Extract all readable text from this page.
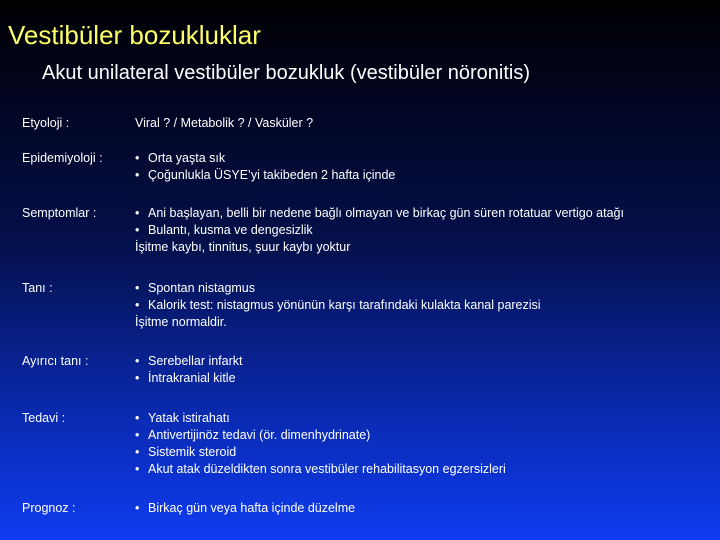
Vestibüler bozukluklar
Akut unilateral vestibüler bozukluk (vestibüler nöronitis)
Etyoloji :	Viral ? / Metabolik ? / Vasküler ?
Epidemiyoloji :	• Orta yaşta sık
• Çoğunlukla ÜSYE’yi takibeden 2 hafta içinde
Semptomlar :	• Ani başlayan, belli bir nedene bağlı olmayan ve birkaç gün süren rotatuar vertigo atağı
• Bulantı, kusma ve dengesizlik
İşitme kaybı, tinnitus, şuur kaybı yoktur
Tanı :	• Spontan nistagmus
• Kalorik test: nistagmus yönünün karşı tarafındaki kulakta kanal parezisi
İşitme normaldir.
Ayırıcı tanı :	• Serebellar infarkt
• İntrakranial kitle
Tedavi :	• Yatak istirahatı
• Antivertijinöz tedavi (ör. dimenhydrinate)
• Sistemik steroid
• Akut atak düzeldikten sonra vestibüler rehabilitasyon egzersizleri
Prognoz :	• Birkaç gün veya hafta içinde düzelme
